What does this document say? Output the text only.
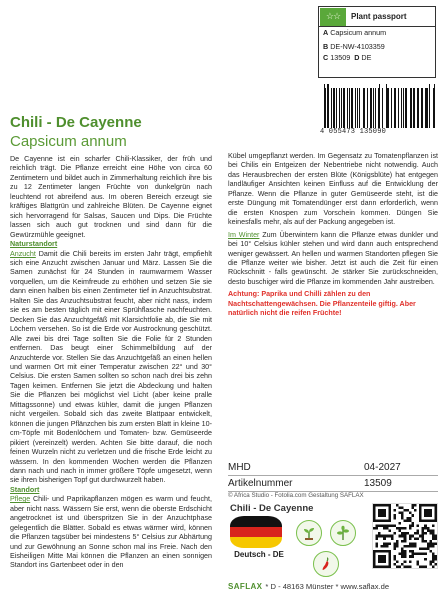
☆☆	Plant passport
A Capsicum annum
B DE-NW-4103359
C 13509 D DE
4 055473 135090
Chili - De Cayenne
Capsicum annum

De Cayenne ist ein scharfer Chili-Klassiker, der früh und reichlich trägt. Die Pflanze erreicht eine Höhe von circa 60 Zentimetern und bildet auch in Zimmerhaltung reichlich ihre bis zu 12 Zentimeter langen Früchte von dunkelgrün nach leuchtend rot abreifend aus. Im oberen Bereich erzeugt sie kräftiges Blattgrün und zahlreiche Blüten. De Cayenne eignet sich hervorragend für Salsas, Saucen und Dips. Die Früchte lassen sich auch gut trocknen und sind dann für die Gewürzmühle geeignet.

Naturstandort

Anzucht Damit die Chili bereits im ersten Jahr trägt, empfiehlt sich eine Anzucht zwischen Januar und März. Lassen Sie die Samen zunächst für 24 Stunden in raumwarmem Wasser vorquellen, um die Keimfreude zu erhöhen und setzen Sie sie dann einen halben bis einen Zentimeter tief in Anzuchtsubstrat. Halten Sie das Anzuchtsubstrat feucht, aber nicht nass, indem sie es am besten täglich mit einer Sprühflasche nachfeuchten. Decken Sie das Anzuchtgefäß mit Klarsichtfolie ab, die Sie mit Löchern versehen. So ist die Erde vor Austrocknung geschützt. Alle zwei bis drei Tage sollten Sie die Folie für 2 Stunden entfernen. Das beugt einer Schimmelbildung auf der Anzuchterde vor. Stellen Sie das Anzuchtgefäß an einen hellen und warmen Ort mit einer Temperatur zwischen 22° und 30° Celsius. Die ersten Samen sollten so schon nach drei bis zehn Tagen keimen. Entfernen Sie jetzt die Abdeckung und halten Sie die Pflanzen bei möglichst viel Licht (aber keine pralle Mittagssonne) und etwas kühler, damit die jungen Pflanzen nicht vergeilen. Sobald sich das zweite Blattpaar entwickelt, können die jungen Pflänzchen bis zum ersten Blatt in kleine 10-cm-Töpfe mit Bodenlöchern und Tomaten- bzw. Gemüseerde pikiert (vereinzelt) werden. Achten Sie bitte darauf, die noch feinen Wurzeln nicht zu verletzen und die frische Erde leicht zu wässern. In den kommenden Wochen werden die Pflanzen dann nach und nach in immer größere Töpfe umgesetzt, wenn sie ihren bisherigen Topf gut durchwurzelt haben.

Standort

Pflege Chili- und Paprikapflanzen mögen es warm und feucht, aber nicht nass. Wässern Sie erst, wenn die oberste Erdschicht angetrocknet ist und überspritzen Sie in der Anzuchtphase gelegentlich die Blätter. Sobald es etwas wärmer wird, können die Pflanzen tagsüber bei mindestens 5° Celsius zur Abhärtung und zur Gewöhnung an Sonne schon mal ins Freie. Nach den Eisheiligen Mitte Mai können die Pflanzen an einen sonnigen Standort ins Gartenbeet oder in den

Kübel umgepflanzt werden. Im Gegensatz zu Tomatenpflanzen ist bei Chilis ein Entgeizen der Nebentriebe nicht notwendig. Auch das Herausbrechen der ersten Blüte (Königsblüte) hat entgegen landläufiger Ansichten keinen Einfluss auf die Entwicklung der Pflanze. Wenn die Pflanze in guter Gemüseerde steht, ist die erste Düngung mit Tomatendünger erst dann erforderlich, wenn die ersten Knospen zum Vorschein kommen. Düngen Sie keinesfalls mehr, als auf der Packung angegeben ist.

Im Winter Zum Überwintern kann die Pflanze etwas dunkler und bei 10° Celsius kühler stehen und wird dann auch entsprechend weniger gewässert. An hellen und warmen Standorten pflegen Sie die Pflanze weiter wie bisher. Jetzt ist auch die Zeit für einen Rückschnitt - falls gewünscht. Je stärker Sie zurückschneiden, desto buschiger wird die Pflanze im kommenden Jahr austreiben.

Achtung: Paprika und Chilli zählen zu den Nachtschattengewächsen. Die Pflanzenteile giftig. Aber natürlich nicht die reifen Früchte!

MHD	04-2027
Artikelnummer	13509
© Africa Studio - Fotolia.com Gestaltung SAFLAX
Chili - De Cayenne
Deutsch - DE
SAFLAX * D - 48163 Münster * www.saflax.de
